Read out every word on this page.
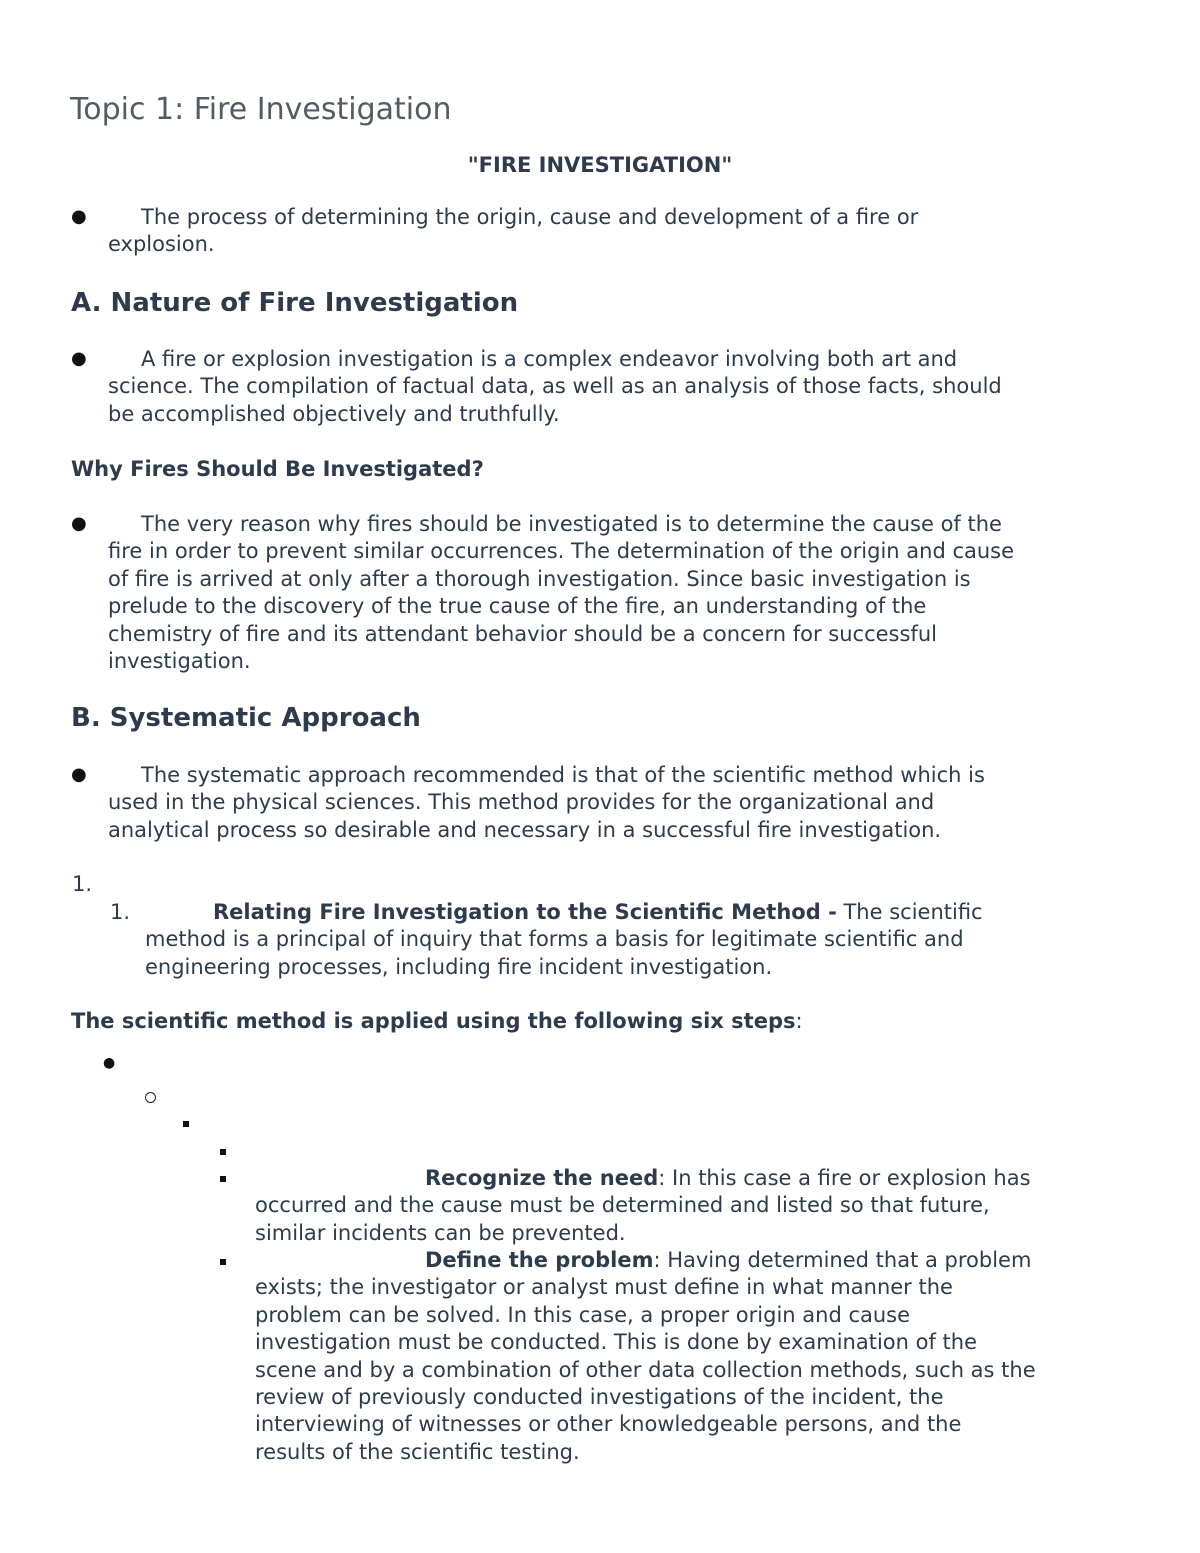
Topic 1: Fire Investigation
"FIRE INVESTIGATION"
●	The process of determining the origin, cause and development of a fire or
explosion.
A. Nature of Fire Investigation
●	A fire or explosion investigation is a complex endeavor involving both art and
science. The compilation of factual data, as well as an analysis of those facts, should
be accomplished objectively and truthfully.
Why Fires Should Be Investigated?
●	The very reason why fires should be investigated is to determine the cause of the
fire in order to prevent similar occurrences. The determination of the origin and cause
of fire is arrived at only after a thorough investigation. Since basic investigation is
prelude to the discovery of the true cause of the fire, an understanding of the
chemistry of fire and its attendant behavior should be a concern for successful
investigation.
B. Systematic Approach
●	The systematic approach recommended is that of the scientific method which is
used in the physical sciences. This method provides for the organizational and
analytical process so desirable and necessary in a successful fire investigation.
1.
1.	Relating Fire Investigation to the Scientific Method - The scientific
method is a principal of inquiry that forms a basis for legitimate scientific and
engineering processes, including fire incident investigation.
The scientific method is applied using the following six steps:
●
Recognize the need: In this case a fire or explosion has
occurred and the cause must be determined and listed so that future,
similar incidents can be prevented.
Define the problem: Having determined that a problem
exists; the investigator or analyst must define in what manner the
problem can be solved. In this case, a proper origin and cause
investigation must be conducted. This is done by examination of the
scene and by a combination of other data collection methods, such as the
review of previously conducted investigations of the incident, the
interviewing of witnesses or other knowledgeable persons, and the
results of the scientific testing.
